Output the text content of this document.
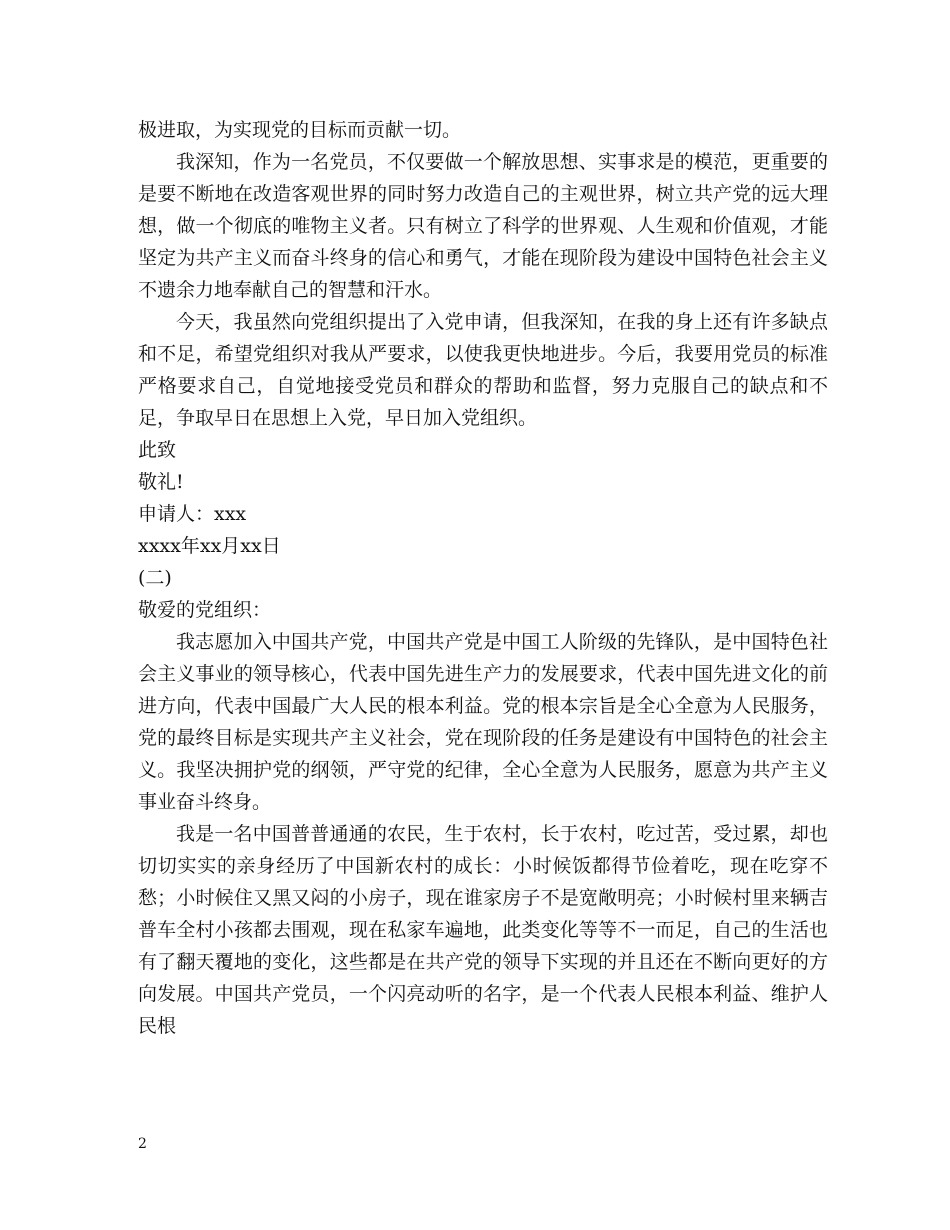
极进取，为实现党的目标而贡献一切。

我深知，作为一名党员，不仅要做一个解放思想、实事求是的模范，更重要的是要不断地在改造客观世界的同时努力改造自己的主观世界，树立共产党的远大理想，做一个彻底的唯物主义者。只有树立了科学的世界观、人生观和价值观，才能坚定为共产主义而奋斗终身的信心和勇气，才能在现阶段为建设中国特色社会主义不遗余力地奉献自己的智慧和汗水。

今天，我虽然向党组织提出了入党申请，但我深知，在我的身上还有许多缺点和不足，希望党组织对我从严要求，以使我更快地进步。今后，我要用党员的标准严格要求自己，自觉地接受党员和群众的帮助和监督，努力克服自己的缺点和不足，争取早日在思想上入党，早日加入党组织。

此致

敬礼!

申请人：xxx

xxxx年xx月xx日

(二)

敬爱的党组织：

我志愿加入中国共产党，中国共产党是中国工人阶级的先锋队，是中国特色社会主义事业的领导核心，代表中国先进生产力的发展要求，代表中国先进文化的前进方向，代表中国最广大人民的根本利益。党的根本宗旨是全心全意为人民服务，党的最终目标是实现共产主义社会，党在现阶段的任务是建设有中国特色的社会主义。我坚决拥护党的纲领，严守党的纪律，全心全意为人民服务，愿意为共产主义事业奋斗终身。

我是一名中国普普通通的农民，生于农村，长于农村，吃过苦，受过累，却也切切实实的亲身经历了中国新农村的成长：小时候饭都得节俭着吃，现在吃穿不愁；小时候住又黑又闷的小房子，现在谁家房子不是宽敞明亮；小时候村里来辆吉普车全村小孩都去围观，现在私家车遍地，此类变化等等不一而足，自己的生活也有了翻天覆地的变化，这些都是在共产党的领导下实现的并且还在不断向更好的方向发展。中国共产党员，一个闪亮动听的名字，是一个代表人民根本利益、维护人民根

2
